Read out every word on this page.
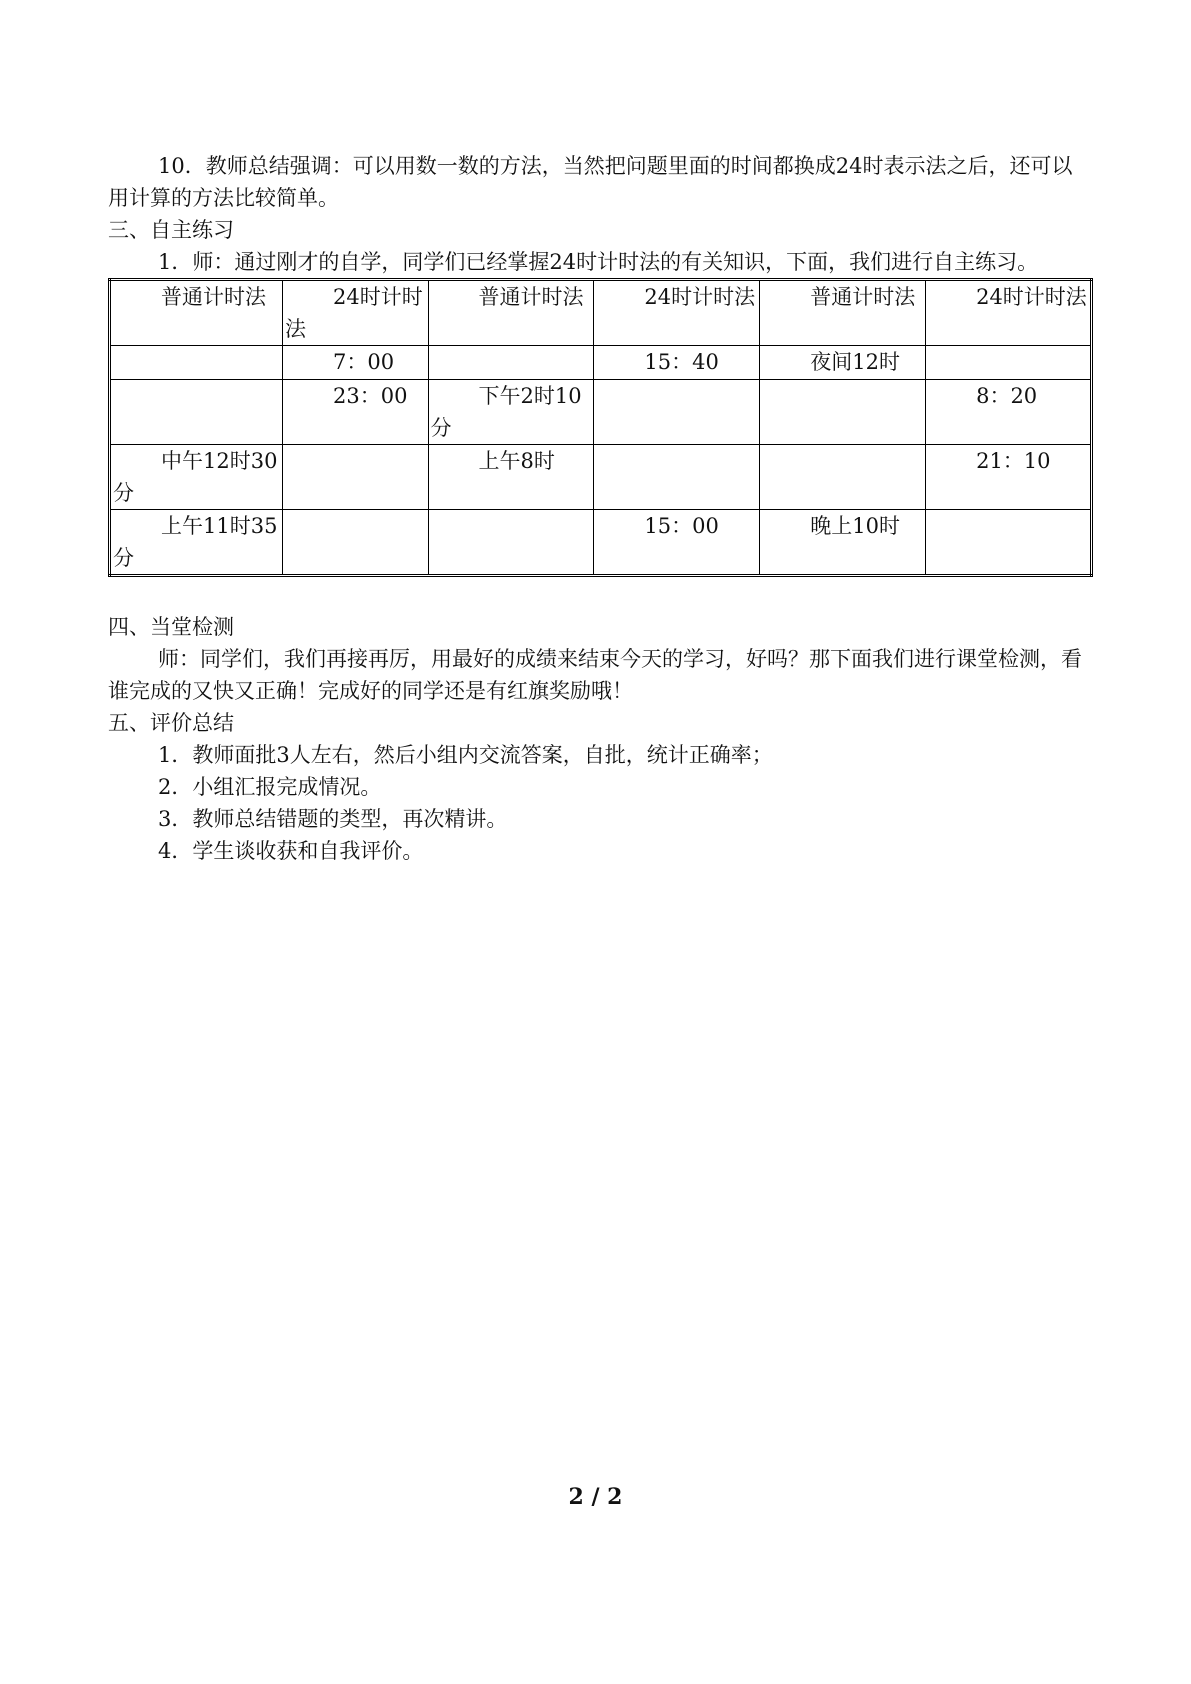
10．教师总结强调：可以用数一数的方法，当然把问题里面的时间都换成24时表示法之后，还可以用计算的方法比较简单。

三、自主练习

1．师：通过刚才的自学，同学们已经掌握24时计时法的有关知识，下面，我们进行自主练习。

普通计时法	24时计时法	普通计时法	24时计时法	普通计时法	24时计时法
	7：00		15：40	夜间12时	
	23：00	下午2时10分			8：20
中午12时30分		上午8时			21：10
上午11时35分			15：00	晚上10时	

四、当堂检测

师：同学们，我们再接再厉，用最好的成绩来结束今天的学习，好吗？那下面我们进行课堂检测，看谁完成的又快又正确！完成好的同学还是有红旗奖励哦！

五、评价总结

1．教师面批3人左右，然后小组内交流答案，自批，统计正确率；

2．小组汇报完成情况。

3．教师总结错题的类型，再次精讲。

4．学生谈收获和自我评价。

2 / 2
